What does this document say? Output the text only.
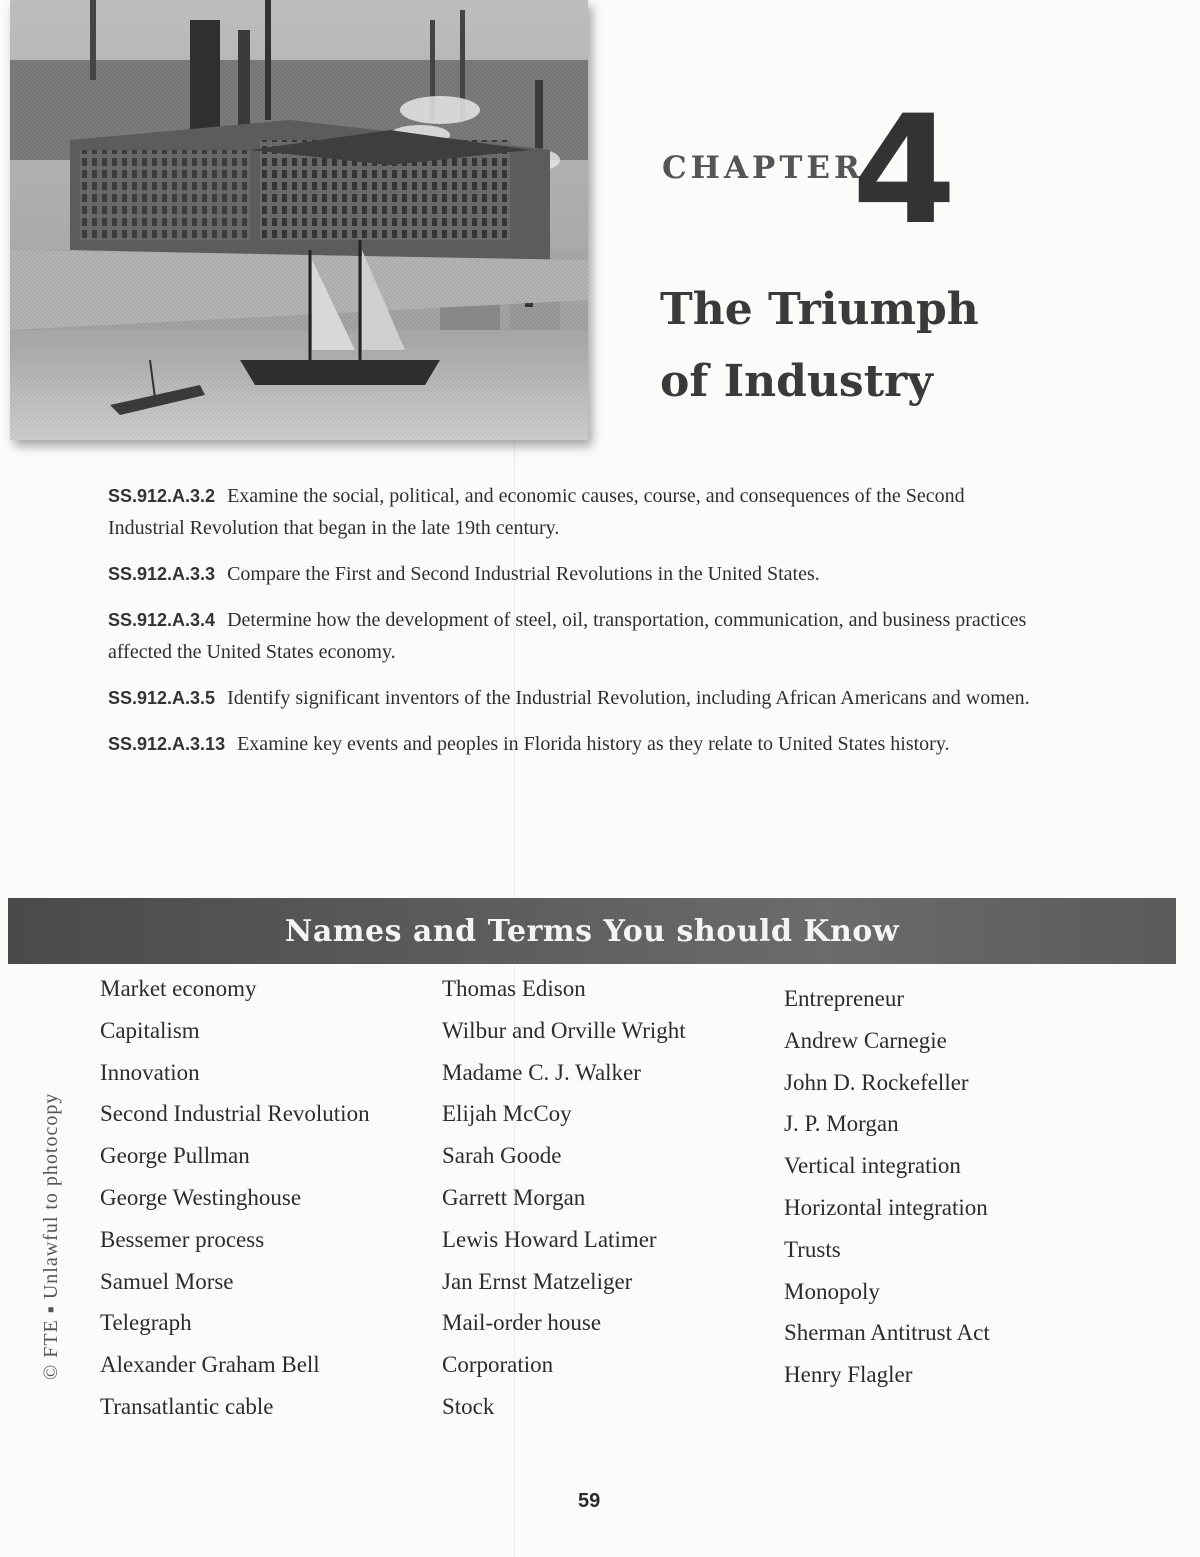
CHAPTER
4
The Triumph
of Industry
SS.912.A.3.2 Examine the social, political, and economic causes, course, and consequences of the Second Industrial Revolution that began in the late 19th century.
SS.912.A.3.3 Compare the First and Second Industrial Revolutions in the United States.
SS.912.A.3.4 Determine how the development of steel, oil, transportation, communication, and business practices affected the United States economy.
SS.912.A.3.5 Identify significant inventors of the Industrial Revolution, including African Americans and women.
SS.912.A.3.13 Examine key events and peoples in Florida history as they relate to United States history.
Names and Terms You should Know
Market economy
Capitalism
Innovation
Second Industrial Revolution
George Pullman
George Westinghouse
Bessemer process
Samuel Morse
Telegraph
Alexander Graham Bell
Transatlantic cable
Thomas Edison
Wilbur and Orville Wright
Madame C. J. Walker
Elijah McCoy
Sarah Goode
Garrett Morgan
Lewis Howard Latimer
Jan Ernst Matzeliger
Mail-order house
Corporation
Stock
Entrepreneur
Andrew Carnegie
John D. Rockefeller
J. P. Morgan
Vertical integration
Horizontal integration
Trusts
Monopoly
Sherman Antitrust Act
Henry Flagler
© FTE ▪ Unlawful to photocopy
59
